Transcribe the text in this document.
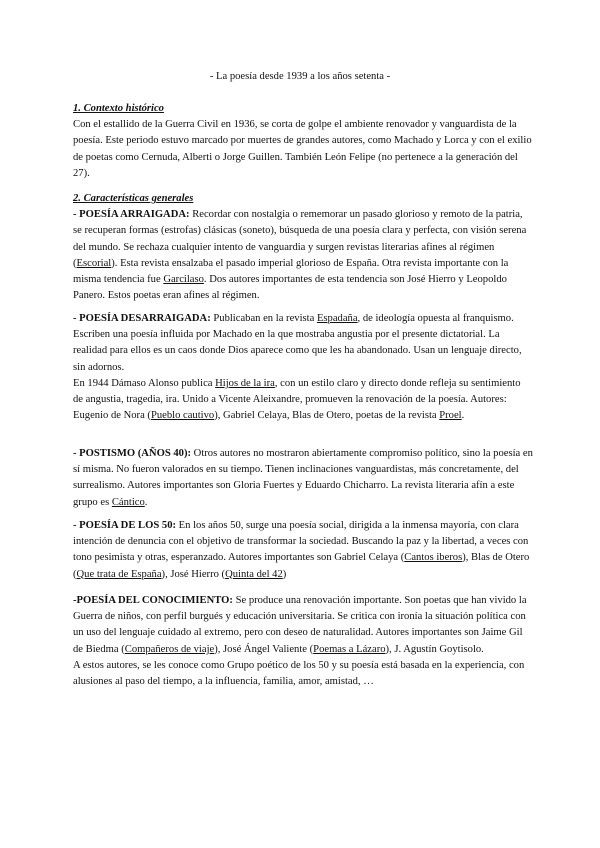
- La poesía desde 1939 a los años setenta -
1. Contexto histórico

Con el estallido de la Guerra Civil en 1936, se corta de golpe el ambiente renovador y vanguardista de la poesía. Este periodo estuvo marcado por muertes de grandes autores, como Machado y Lorca y con el exilio de poetas como Cernuda, Alberti o Jorge Guillen. También León Felipe (no pertenece a la generación del 27).

2. Características generales

- POESÍA ARRAIGADA: Recordar con nostalgia o rememorar un pasado glorioso y remoto de la patria, se recuperan formas (estrofas) clásicas (soneto), búsqueda de una poesía clara y perfecta, con visión serena del mundo. Se rechaza cualquier intento de vanguardia y surgen revistas literarias afines al régimen (Escorial). Esta revista ensalzaba el pasado imperial glorioso de España. Otra revista importante con la misma tendencia fue Garcilaso. Dos autores importantes de esta tendencia son José Hierro y Leopoldo Panero. Estos poetas eran afines al régimen.

- POESÍA DESARRAIGADA: Publicaban en la revista Espadaña, de ideología opuesta al franquismo. Escriben una poesía influida por Machado en la que mostraba angustia por el presente dictatorial. La realidad para ellos es un caos donde Dios aparece como que les ha abandonado. Usan un lenguaje directo, sin adornos.

En 1944 Dámaso Alonso publica Hijos de la ira, con un estilo claro y directo donde refleja su sentimiento de angustia, tragedia, ira. Unido a Vicente Aleixandre, promueven la renovación de la poesía. Autores: Eugenio de Nora (Pueblo cautivo), Gabriel Celaya, Blas de Otero, poetas de la revista Proel.

- POSTISMO (AÑOS 40): Otros autores no mostraron abiertamente compromiso político, sino la poesía en sí misma. No fueron valorados en su tiempo. Tienen inclinaciones vanguardistas, más concretamente, del surrealismo. Autores importantes son Gloria Fuertes y Eduardo Chicharro. La revista literaria afín a este grupo es Cántico.

- POESÍA DE LOS 50: En los años 50, surge una poesía social, dirigida a la inmensa mayoría, con clara intención de denuncia con el objetivo de transformar la sociedad. Buscando la paz y la libertad, a veces con tono pesimista y otras, esperanzado. Autores importantes son Gabriel Celaya (Cantos iberos), Blas de Otero (Que trata de España), José Hierro (Quinta del 42)

-POESÍA DEL CONOCIMIENTO: Se produce una renovación importante. Son poetas que han vivido la Guerra de niños, con perfil burgués y educación universitaria. Se critica con ironía la situación política con un uso del lenguaje cuidado al extremo, pero con deseo de naturalidad. Autores importantes son Jaime Gil de Biedma (Compañeros de viaje), José Ángel Valiente (Poemas a Lázaro), J. Agustín Goytisolo.

A estos autores, se les conoce como Grupo poético de los 50 y su poesía está basada en la experiencia, con alusiones al paso del tiempo, a la influencia, familia, amor, amistad, …
